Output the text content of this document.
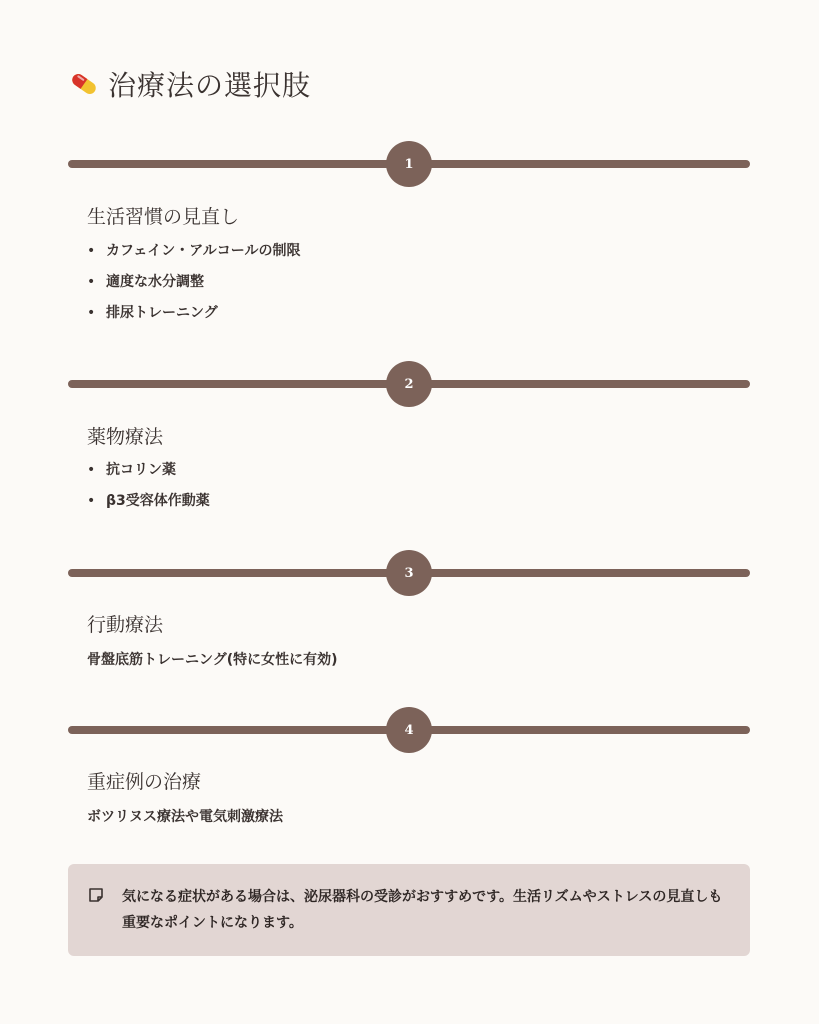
治療法の選択肢
1
生活習慣の見直し
• カフェイン・アルコールの制限
• 適度な水分調整
• 排尿トレーニング
2
薬物療法
• 抗コリン薬
• β3受容体作動薬
3
行動療法
骨盤底筋トレーニング(特に女性に有効)
4
重症例の治療
ボツリヌス療法や電気刺激療法
気になる症状がある場合は、泌尿器科の受診がおすすめです。生活リズムやストレスの見直しも重要なポイントになります。
